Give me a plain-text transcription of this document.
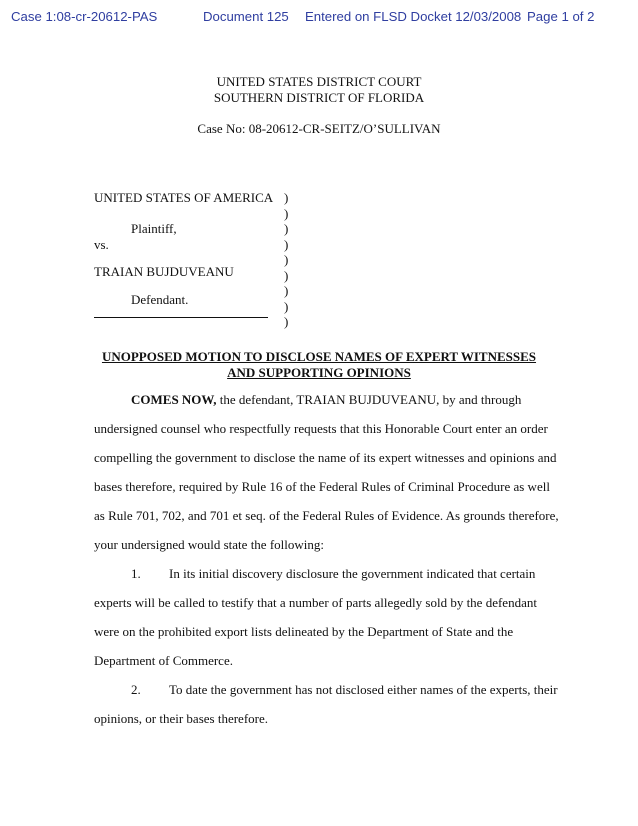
Case 1:08-cr-20612-PAS	Document 125 Entered on FLSD Docket 12/03/2008 Page 1 of 2
UNITED STATES DISTRICT COURT
SOUTHERN DISTRICT OF FLORIDA
Case No: 08-20612-CR-SEITZ/O’SULLIVAN
UNITED STATES OF AMERICA
Plaintiff,
vs.
TRAIAN BUJDUVEANU
Defendant.
)
)
)
)
)
)
)
)
)
UNOPPOSED MOTION TO DISCLOSE NAMES OF EXPERT WITNESSES
AND SUPPORTING OPINIONS
COMES NOW, the defendant, TRAIAN BUJDUVEANU, by and through
undersigned counsel who respectfully requests that this Honorable Court enter an order
compelling the government to disclose the name of its expert witnesses and opinions and
bases therefore, required by Rule 16 of the Federal Rules of Criminal Procedure as well
as Rule 701, 702, and 701 et seq. of the Federal Rules of Evidence. As grounds therefore,
your undersigned would state the following:
1. In its initial discovery disclosure the government indicated that certain
experts will be called to testify that a number of parts allegedly sold by the defendant
were on the prohibited export lists delineated by the Department of State and the
Department of Commerce.
2. To date the government has not disclosed either names of the experts, their
opinions, or their bases therefore.
